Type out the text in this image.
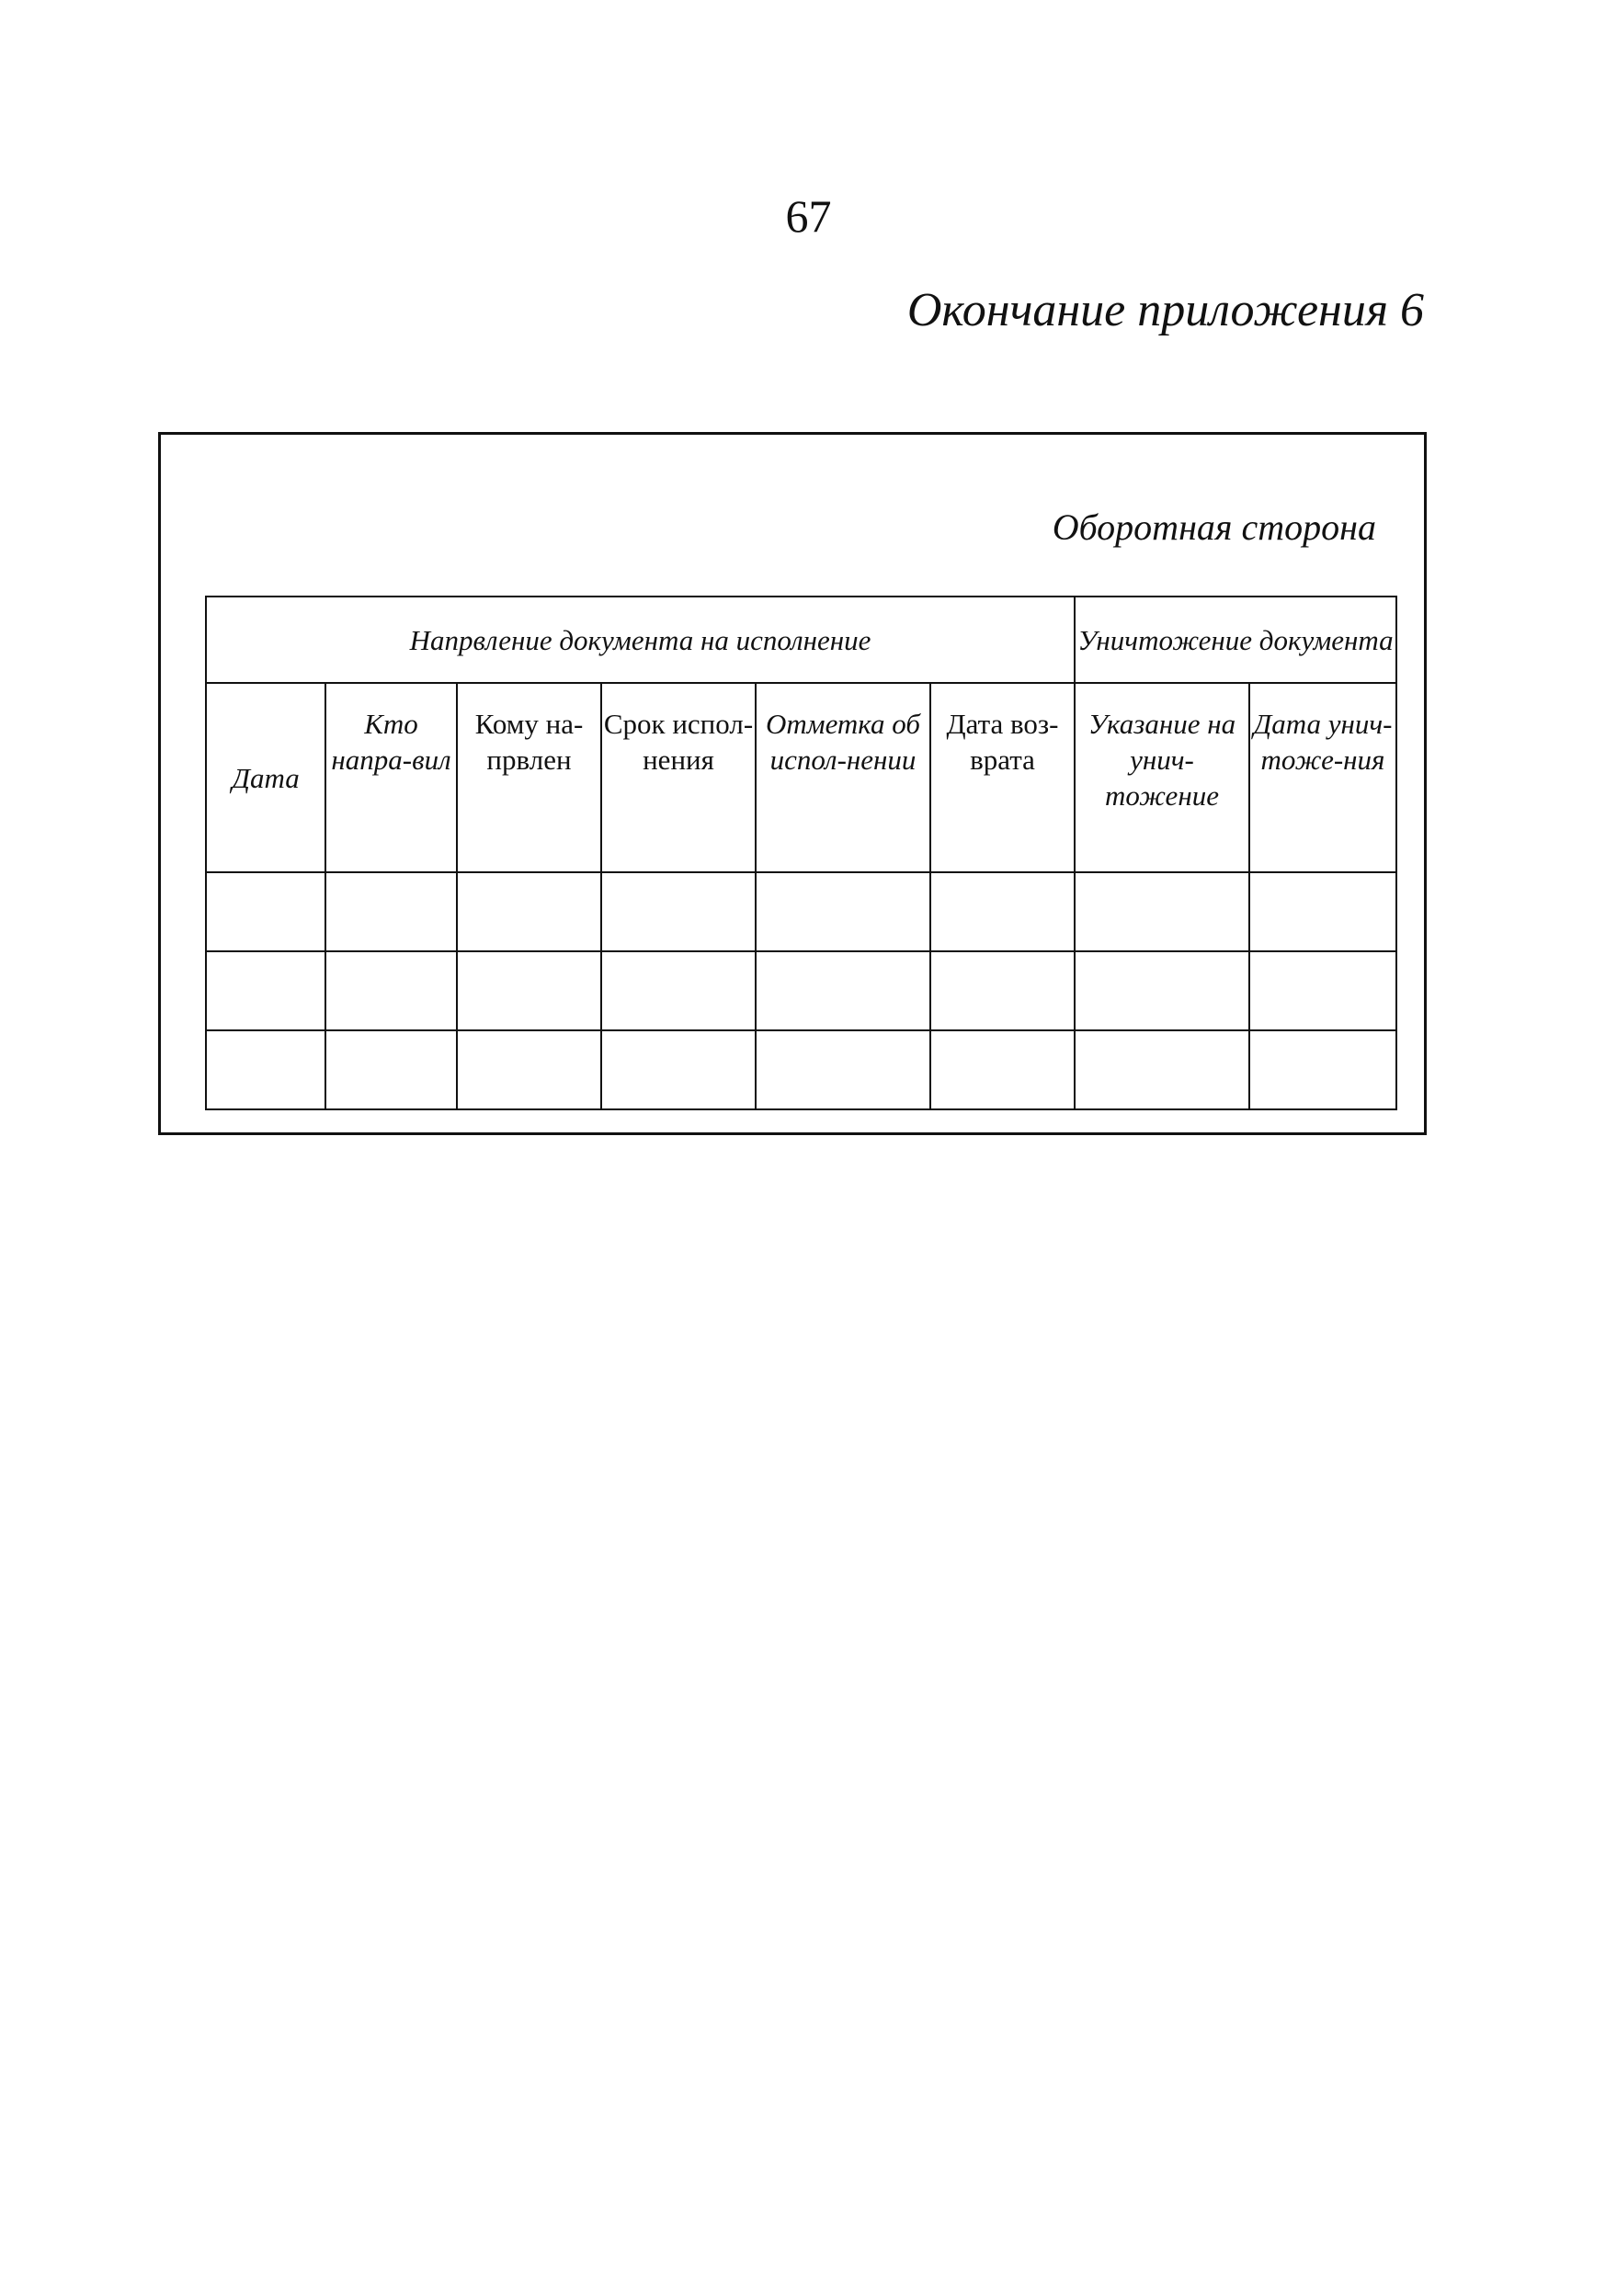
67
Окончание приложения 6
Оборотная сторона
Напрвление документа на исполнение						Уничтожение документа	
Дата	Кто напра-вил	Кому на-првлен	Срок испол-нения	Отметка об испол-нении	Дата воз-врата	Указание на унич-тожение	Дата унич-тоже-ния
